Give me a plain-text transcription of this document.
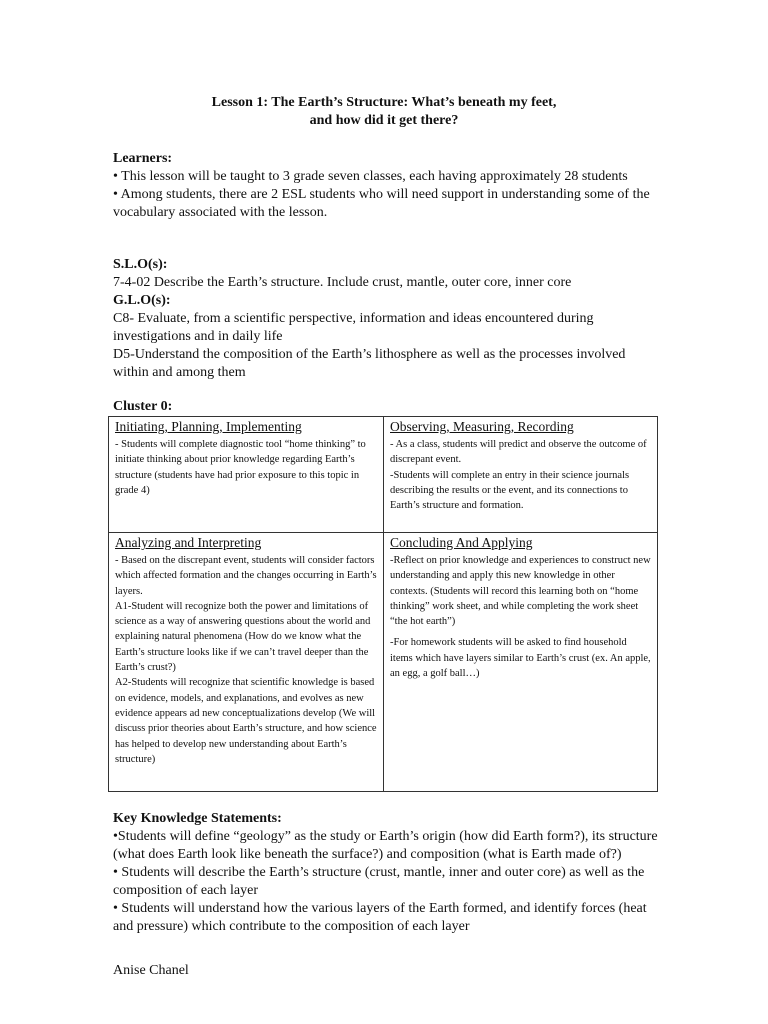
Lesson 1: The Earth’s Structure: What’s beneath my feet,
and how did it get there?
Learners:

• This lesson will be taught to 3 grade seven classes, each having approximately 28 students

• Among students, there are 2 ESL students who will need support in understanding some of the vocabulary associated with the lesson.

S.L.O(s):

7-4-02 Describe the Earth’s structure. Include crust, mantle, outer core, inner core

G.L.O(s):

C8- Evaluate, from a scientific perspective, information and ideas encountered during investigations and in daily life

D5-Understand the composition of the Earth’s lithosphere as well as the processes involved within and among them

Cluster 0:
Initiating, Planning, Implementing

- Students will complete diagnostic tool “home thinking” to initiate thinking about prior knowledge regarding Earth’s structure (students have had prior exposure to this topic in grade 4)

Observing, Measuring, Recording

- As a class, students will predict and observe the outcome of discrepant event.

-Students will complete an entry in their science journals describing the results or the event, and its connections to Earth’s structure and formation.

Analyzing and Interpreting

- Based on the discrepant event, students will consider factors which affected formation and the changes occurring in Earth’s layers.

A1-Student will recognize both the power and limitations of science as a way of answering questions about the world and explaining natural phenomena (How do we know what the Earth’s structure looks like if we can’t travel deeper than the Earth’s crust?)

A2-Students will recognize that scientific knowledge is based on evidence, models, and explanations, and evolves as new evidence appears ad new conceptualizations develop (We will discuss prior theories about Earth’s structure, and how science has helped to develop new understanding about Earth’s structure)

Concluding And Applying

-Reflect on prior knowledge and experiences to construct new understanding and apply this new knowledge in other contexts. (Students will record this learning both on “home thinking” work sheet, and while completing the work sheet “the hot earth”)

-For homework students will be asked to find household items which have layers similar to Earth’s crust (ex. An apple, an egg, a golf ball…)

Key Knowledge Statements:

•Students will define “geology” as the study or Earth’s origin (how did Earth form?), its structure (what does Earth look like beneath the surface?) and composition (what is Earth made of?)

• Students will describe the Earth’s structure (crust, mantle, inner and outer core) as well as the composition of each layer

• Students will understand how the various layers of the Earth formed, and identify forces (heat and pressure) which contribute to the composition of each layer

Anise Chanel
